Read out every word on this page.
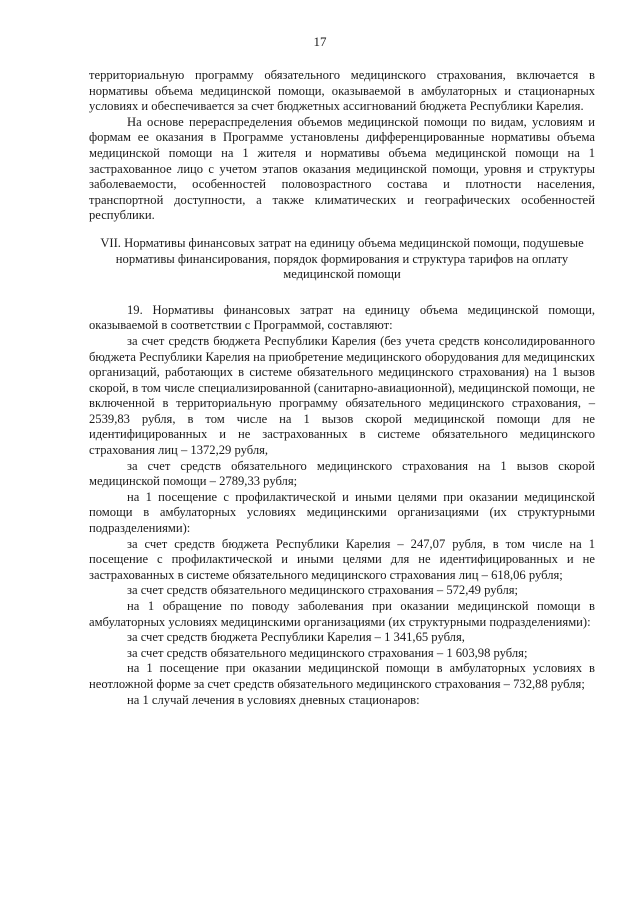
17

территориальную программу обязательного медицинского страхования, включается в нормативы объема медицинской помощи, оказываемой в амбулаторных и стационарных условиях и обеспечивается за счет бюджетных ассигнований бюджета Республики Карелия.

На основе перераспределения объемов медицинской помощи по видам, условиям и формам ее оказания в Программе установлены дифференцированные нормативы объема медицинской помощи на 1 жителя и нормативы объема медицинской помощи на 1 застрахованное лицо с учетом этапов оказания медицинской помощи, уровня и структуры заболеваемости, особенностей половозрастного состава и плотности населения, транспортной доступности, а также климатических и географических особенностей республики.

VII. Нормативы финансовых затрат на единицу объема медицинской помощи, подушевые нормативы финансирования, порядок формирования и структура тарифов на оплату медицинской помощи

19. Нормативы финансовых затрат на единицу объема медицинской помощи, оказываемой в соответствии с Программой, составляют:

за счет средств бюджета Республики Карелия (без учета средств консолидированного бюджета Республики Карелия на приобретение медицинского оборудования для медицинских организаций, работающих в системе обязательного медицинского страхования) на 1 вызов скорой, в том числе специализированной (санитарно-авиационной), медицинской помощи, не включенной в территориальную программу обязательного медицинского страхования, – 2539,83 рубля, в том числе на 1 вызов скорой медицинской помощи для не идентифицированных и не застрахованных в системе обязательного медицинского страхования лиц – 1372,29 рубля,

за счет средств обязательного медицинского страхования на 1 вызов скорой медицинской помощи – 2789,33 рубля;

на 1 посещение с профилактической и иными целями при оказании медицинской помощи в амбулаторных условиях медицинскими организациями (их структурными подразделениями):

за счет средств бюджета Республики Карелия – 247,07 рубля, в том числе на 1 посещение с профилактической и иными целями для не идентифицированных и не застрахованных в системе обязательного медицинского страхования лиц – 618,06 рубля;

за счет средств обязательного медицинского страхования – 572,49 рубля;

на 1 обращение по поводу заболевания при оказании медицинской помощи в амбулаторных условиях медицинскими организациями (их структурными подразделениями):

за счет средств бюджета Республики Карелия – 1 341,65 рубля,

за счет средств обязательного медицинского страхования – 1 603,98 рубля;

на 1 посещение при оказании медицинской помощи в амбулаторных условиях в неотложной форме за счет средств обязательного медицинского страхования – 732,88 рубля;

на 1 случай лечения в условиях дневных стационаров:
